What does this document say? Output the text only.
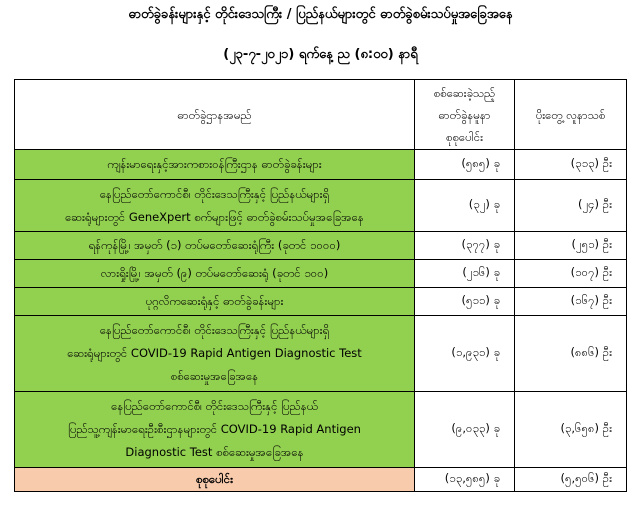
ဓာတ်ခွဲခန်းများနှင့် တိုင်းဒေသကြီး / ပြည်နယ်များတွင် ဓာတ်ခွဲစမ်းသပ်မှုအခြေအနေ
(၂၃-၇-၂၀၂၁) ရက်နေ့ ည (၈:၀၀) နာရီ
ဓာတ်ခွဲဌာနအမည်	စစ်ဆေးခဲ့သည့် ဓာတ်ခွဲနမူနာ စုစုပေါင်း	ပိုးတွေ့ လူနာသစ်

ကျန်းမာရေးနှင့်အားကစားဝန်ကြီးဌာန ဓာတ်ခွဲခန်းများ	(၅၈၅) ခု	(၃၁၃) ဦး

နေပြည်တော်ကောင်စီ၊ တိုင်းဒေသကြီးနှင့် ပြည်နယ်များရှိ
ဆေးရုံများတွင် GeneXpert စက်များဖြင့် ဓာတ်ခွဲစမ်းသပ်မှုအခြေအနေ	(၃၂) ခု	(၂၄) ဦး

ရန်ကုန်မြို့၊ အမှတ် (၁) တပ်မတော်ဆေးရုံကြီး (ခုတင် ၁၀၀၀)	(၃၇၇) ခု	(၂၅၁) ဦး

လားရှိုးမြို့၊ အမှတ် (၉) တပ်မတော်ဆေးရုံ (ခုတင် ၁၀၀)	(၂၁၆) ခု	(၁၀၇) ဦး

ပုဂ္ဂလိကဆေးရုံနှင့် ဓာတ်ခွဲခန်းများ	(၅၁၁) ခု	(၁၆၇) ဦး

နေပြည်တော်ကောင်စီ၊ တိုင်းဒေသကြီးနှင့် ပြည်နယ်များရှိ
ဆေးရုံများတွင် COVID-19 Rapid Antigen Diagnostic Test
စစ်ဆေးမှုအခြေအနေ	(၁,၉၃၁) ခု	(၈၈၆) ဦး

နေပြည်တော်ကောင်စီ၊ တိုင်းဒေသကြီးနှင့် ပြည်နယ်
ပြည်သူ့ကျန်းမာရေးဦးစီးဌာနများတွင် COVID-19 Rapid Antigen
Diagnostic Test စစ်ဆေးမှုအခြေအနေ	(၉,၀၃၃) ခု	(၃,၆၅၈) ဦး
စုစုပေါင်း	(၁၃,၅၈၅) ခု	(၅,၅၀၆) ဦး
